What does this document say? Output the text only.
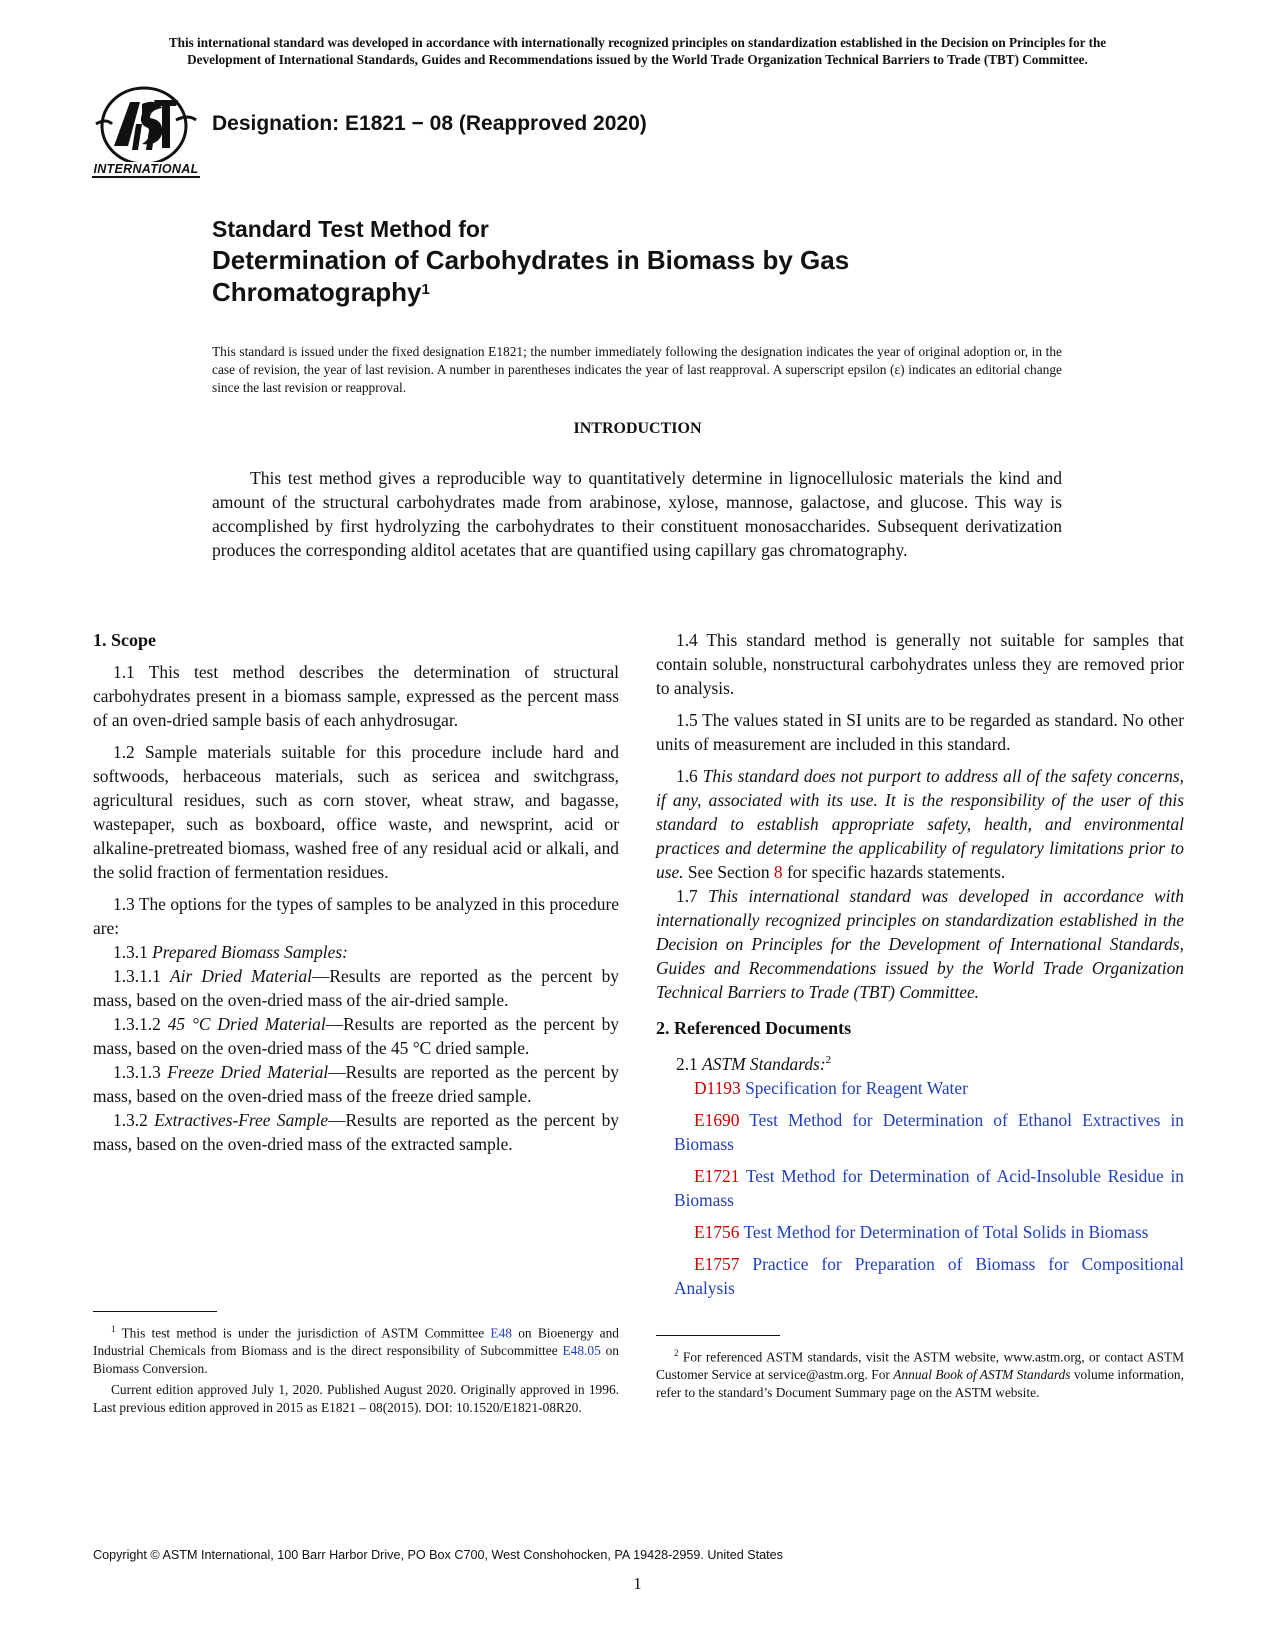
This international standard was developed in accordance with internationally recognized principles on standardization established in the Decision on Principles for the
Development of International Standards, Guides and Recommendations issued by the World Trade Organization Technical Barriers to Trade (TBT) Committee.
INTERNATIONAL
Designation: E1821 − 08 (Reapproved 2020)
Standard Test Method for
Determination of Carbohydrates in Biomass by Gas
Chromatography$^1$
This standard is issued under the fixed designation E1821; the number immediately following the designation indicates the year of original adoption or, in the case of revision, the year of last revision. A number in parentheses indicates the year of last reapproval. A superscript epsilon (ε) indicates an editorial change since the last revision or reapproval.
INTRODUCTION

This test method gives a reproducible way to quantitatively determine in lignocellulosic materials the kind and amount of the structural carbohydrates made from arabinose, xylose, mannose, galactose, and glucose. This way is accomplished by first hydrolyzing the carbohydrates to their constituent monosaccharides. Subsequent derivatization produces the corresponding alditol acetates that are quantified using capillary gas chromatography.

1. Scope

1.1 This test method describes the determination of structural carbohydrates present in a biomass sample, expressed as the percent mass of an oven-dried sample basis of each anhydrosugar.

1.2 Sample materials suitable for this procedure include hard and softwoods, herbaceous materials, such as sericea and switchgrass, agricultural residues, such as corn stover, wheat straw, and bagasse, wastepaper, such as boxboard, office waste, and newsprint, acid or alkaline-pretreated biomass, washed free of any residual acid or alkali, and the solid fraction of fermentation residues.

1.3 The options for the types of samples to be analyzed in this procedure are:

1.3.1 Prepared Biomass Samples:

1.3.1.1 Air Dried Material—Results are reported as the percent by mass, based on the oven-dried mass of the air-dried sample.

1.3.1.2 45 °C Dried Material—Results are reported as the percent by mass, based on the oven-dried mass of the 45 °C dried sample.

1.3.1.3 Freeze Dried Material—Results are reported as the percent by mass, based on the oven-dried mass of the freeze dried sample.

1.3.2 Extractives-Free Sample—Results are reported as the percent by mass, based on the oven-dried mass of the extracted sample.

1.4 This standard method is generally not suitable for samples that contain soluble, nonstructural carbohydrates unless they are removed prior to analysis.

1.5 The values stated in SI units are to be regarded as standard. No other units of measurement are included in this standard.

1.6 This standard does not purport to address all of the safety concerns, if any, associated with its use. It is the responsibility of the user of this standard to establish appropriate safety, health, and environmental practices and determine the applicability of regulatory limitations prior to use. See Section 8 for specific hazards statements.

1.7 This international standard was developed in accordance with internationally recognized principles on standardization established in the Decision on Principles for the Development of International Standards, Guides and Recommendations issued by the World Trade Organization Technical Barriers to Trade (TBT) Committee.

2. Referenced Documents

2.1 ASTM Standards:$^2$

D1193 Specification for Reagent Water

E1690 Test Method for Determination of Ethanol Extractives in Biomass

E1721 Test Method for Determination of Acid-Insoluble Residue in Biomass

E1756 Test Method for Determination of Total Solids in Biomass

E1757 Practice for Preparation of Biomass for Compositional Analysis

$^1$ This test method is under the jurisdiction of ASTM Committee E48 on Bioenergy and Industrial Chemicals from Biomass and is the direct responsibility of Subcommittee E48.05 on Biomass Conversion.

Current edition approved July 1, 2020. Published August 2020. Originally approved in 1996. Last previous edition approved in 2015 as E1821 – 08(2015). DOI: 10.1520/E1821-08R20.

$^2$ For referenced ASTM standards, visit the ASTM website, www.astm.org, or contact ASTM Customer Service at service@astm.org. For Annual Book of ASTM Standards volume information, refer to the standard’s Document Summary page on the ASTM website.

Copyright © ASTM International, 100 Barr Harbor Drive, PO Box C700, West Conshohocken, PA 19428-2959. United States
1
